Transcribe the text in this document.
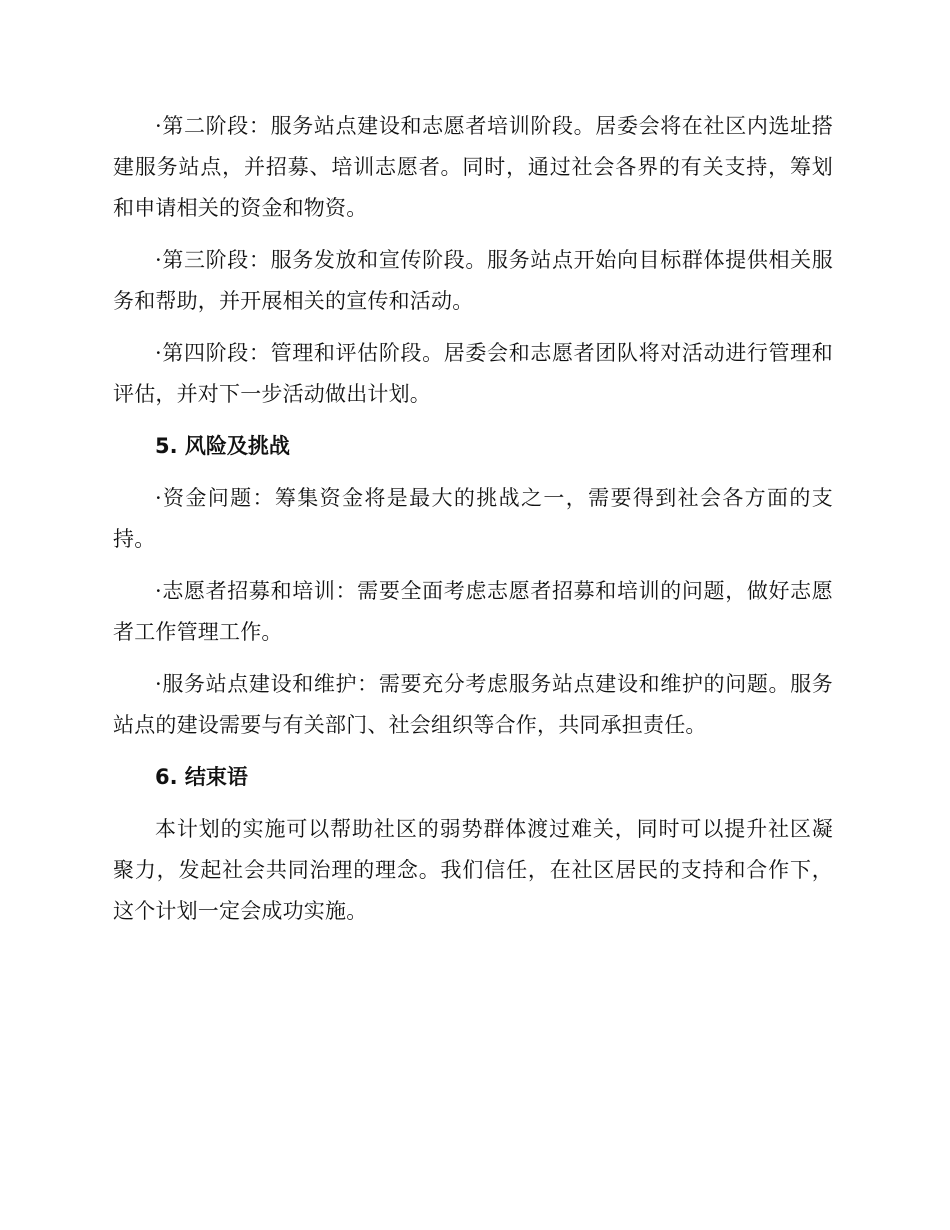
·第二阶段：服务站点建设和志愿者培训阶段。居委会将在社区内选址搭建服务站点，并招募、培训志愿者。同时，通过社会各界的有关支持，筹划和申请相关的资金和物资。

·第三阶段：服务发放和宣传阶段。服务站点开始向目标群体提供相关服务和帮助，并开展相关的宣传和活动。

·第四阶段：管理和评估阶段。居委会和志愿者团队将对活动进行管理和评估，并对下一步活动做出计划。

5. 风险及挑战

·资金问题：筹集资金将是最大的挑战之一，需要得到社会各方面的支持。

·志愿者招募和培训：需要全面考虑志愿者招募和培训的问题，做好志愿者工作管理工作。

·服务站点建设和维护：需要充分考虑服务站点建设和维护的问题。服务站点的建设需要与有关部门、社会组织等合作，共同承担责任。

6. 结束语

本计划的实施可以帮助社区的弱势群体渡过难关，同时可以提升社区凝聚力，发起社会共同治理的理念。我们信任，在社区居民的支持和合作下，这个计划一定会成功实施。
